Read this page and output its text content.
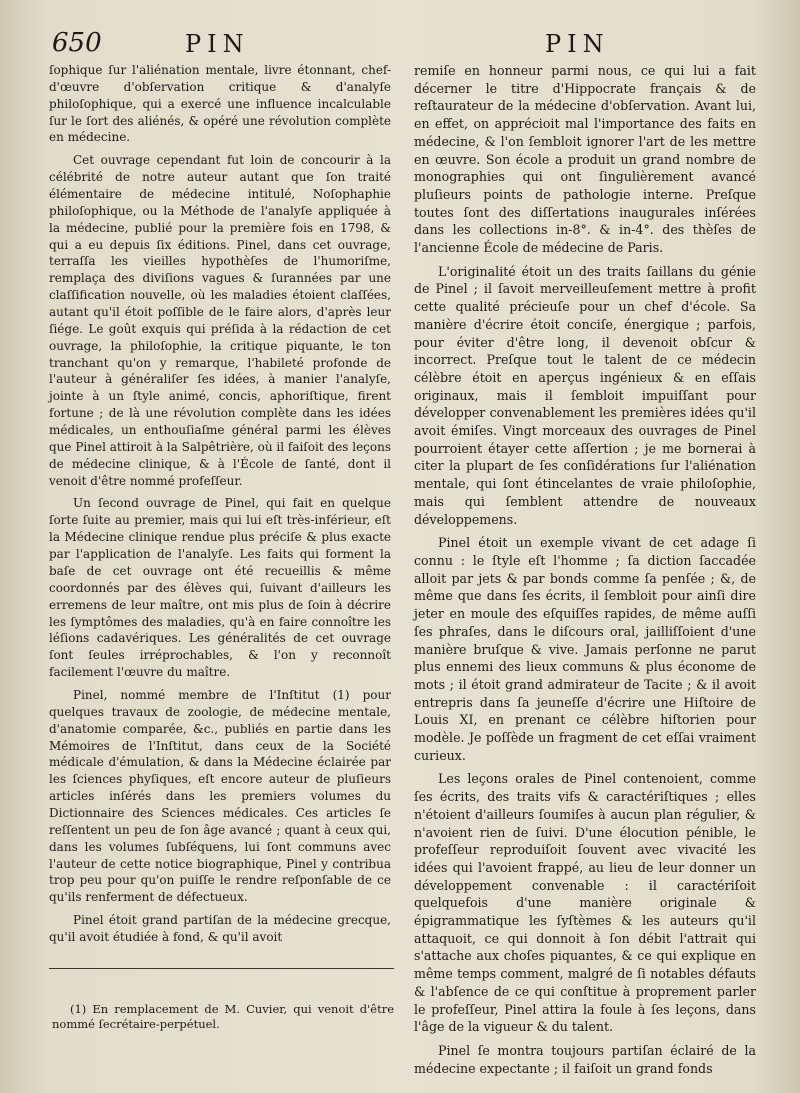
650	PIN	PIN

ſophique ſur l'aliénation mentale, livre étonnant, chef-d'œuvre d'obſervation critique & d'analyſe philoſophique, qui a exercé une influence incalculable ſur le ſort des aliénés, & opéré une révolution complète en médecine.

Cet ouvrage cependant fut loin de concourir à la célébrité de notre auteur autant que ſon traité élémentaire de médecine intitulé, Noſophaphie philoſophique, ou la Méthode de l'analyſe appliquée à la médecine, publié pour la première fois en 1798, & qui a eu depuis ſix éditions. Pinel, dans cet ouvrage, terraſſa les vieilles hypothèſes de l'humoriſme, remplaça des diviſions vagues & ſurannées par une claſſification nouvelle, où les maladies étoient claſſées, autant qu'il étoit poſſible de le faire alors, d'après leur ſiége. Le goût exquis qui préſida à la rédaction de cet ouvrage, la philoſophie, la critique piquante, le ton tranchant qu'on y remarque, l'habileté profonde de l'auteur à généraliſer ſes idées, à manier l'analyſe, jointe à un ſtyle animé, concis, aphoriſtique, firent fortune ; de là une révolution complète dans les idées médicales, un enthouſiaſme général parmi les élèves que Pinel attiroit à la Salpêtrière, où il faiſoit des leçons de médecine clinique, & à l'École de ſanté, dont il venoit d'être nommé profeſſeur.

Un ſecond ouvrage de Pinel, qui fait en quelque ſorte ſuite au premier, mais qui lui eſt très-inférieur, eſt la Médecine clinique rendue plus préciſe & plus exacte par l'application de l'analyſe. Les faits qui forment la baſe de cet ouvrage ont été recueillis & même coordonnés par des élèves qui, ſuivant d'ailleurs les erremens de leur maître, ont mis plus de ſoin à décrire les ſymptômes des maladies, qu'à en faire connoître les léſions cadavériques. Les généralités de cet ouvrage ſont ſeules irréprochables, & l'on y reconnoît facilement l'œuvre du maître.

Pinel, nommé membre de l'Inſtitut (1) pour quelques travaux de zoologie, de médecine mentale, d'anatomie comparée, &c., publiés en partie dans les Mémoires de l'Inſtitut, dans ceux de la Société médicale d'émulation, & dans la Médecine éclairée par les ſciences phyſiques, eſt encore auteur de pluſieurs articles inſérés dans les premiers volumes du Dictionnaire des Sciences médicales. Ces articles ſe reſſentent un peu de ſon âge avancé ; quant à ceux qui, dans les volumes ſubſéquens, lui ſont communs avec l'auteur de cette notice biographique, Pinel y contribua trop peu pour qu'on puiſſe le rendre reſponſable de ce qu'ils renferment de défectueux.

Pinel étoit grand partiſan de la médecine grecque, qu'il avoit étudiée à fond, & qu'il avoit

remiſe en honneur parmi nous, ce qui lui a fait décerner le titre d'Hippocrate français & de reſtaurateur de la médecine d'obſervation. Avant lui, en effet, on apprécioit mal l'importance des faits en médecine, & l'on ſembloit ignorer l'art de les mettre en œuvre. Son école a produit un grand nombre de monographies qui ont ſingulièrement avancé pluſieurs points de pathologie interne. Preſque toutes ſont des diſſertations inaugurales inſérées dans les collections in-8°. & in-4°. des thèſes de l'ancienne École de médecine de Paris.

L'originalité étoit un des traits ſaillans du génie de Pinel ; il ſavoit merveilleuſement mettre à profit cette qualité précieuſe pour un chef d'école. Sa manière d'écrire étoit conciſe, énergique ; parfois, pour éviter d'être long, il devenoit obſcur & incorrect. Preſque tout le talent de ce médecin célèbre étoit en aperçus ingénieux & en eſſais originaux, mais il ſembloit impuiſſant pour développer convenablement les premières idées qu'il avoit émiſes. Vingt morceaux des ouvrages de Pinel pourroient étayer cette aſſertion ; je me bornerai à citer la plupart de ſes conſidérations ſur l'aliénation mentale, qui ſont étincelantes de vraie philoſophie, mais qui ſemblent attendre de nouveaux développemens.

Pinel étoit un exemple vivant de cet adage ſi connu : le ſtyle eſt l'homme ; ſa diction ſaccadée alloit par jets & par bonds comme ſa penſée ; &, de même que dans ſes écrits, il ſembloit pour ainſi dire jeter en moule des eſquiſſes rapides, de même auſſi ſes phraſes, dans le diſcours oral, jailliſſoient d'une manière bruſque & vive. Jamais perſonne ne parut plus ennemi des lieux communs & plus économe de mots ; il étoit grand admirateur de Tacite ; & il avoit entrepris dans ſa jeuneſſe d'écrire une Hiſtoire de Louis XI, en prenant ce célèbre hiſtorien pour modèle. Je poſſède un fragment de cet eſſai vraiment curieux.

Les leçons orales de Pinel contenoient, comme ſes écrits, des traits vifs & caractériſtiques ; elles n'étoient d'ailleurs ſoumiſes à aucun plan régulier, & n'avoient rien de ſuivi. D'une élocution pénible, le profeſſeur reproduiſoit ſouvent avec vivacité les idées qui l'avoient frappé, au lieu de leur donner un développement convenable : il caractériſoit quelquefois d'une manière originale & épigrammatique les ſyſtèmes & les auteurs qu'il attaquoit, ce qui donnoit à ſon débit l'attrait qui s'attache aux choſes piquantes, & ce qui explique en même temps comment, malgré de ſi notables défauts & l'abſence de ce qui conſtitue à proprement parler le profeſſeur, Pinel attira la foule à ſes leçons, dans l'âge de la vigueur & du talent.

Pinel ſe montra toujours partiſan éclairé de la médecine expectante ; il faiſoit un grand fonds

(1) En remplacement de M. Cuvier, qui venoit d'être nommé ſecrétaire-perpétuel.
